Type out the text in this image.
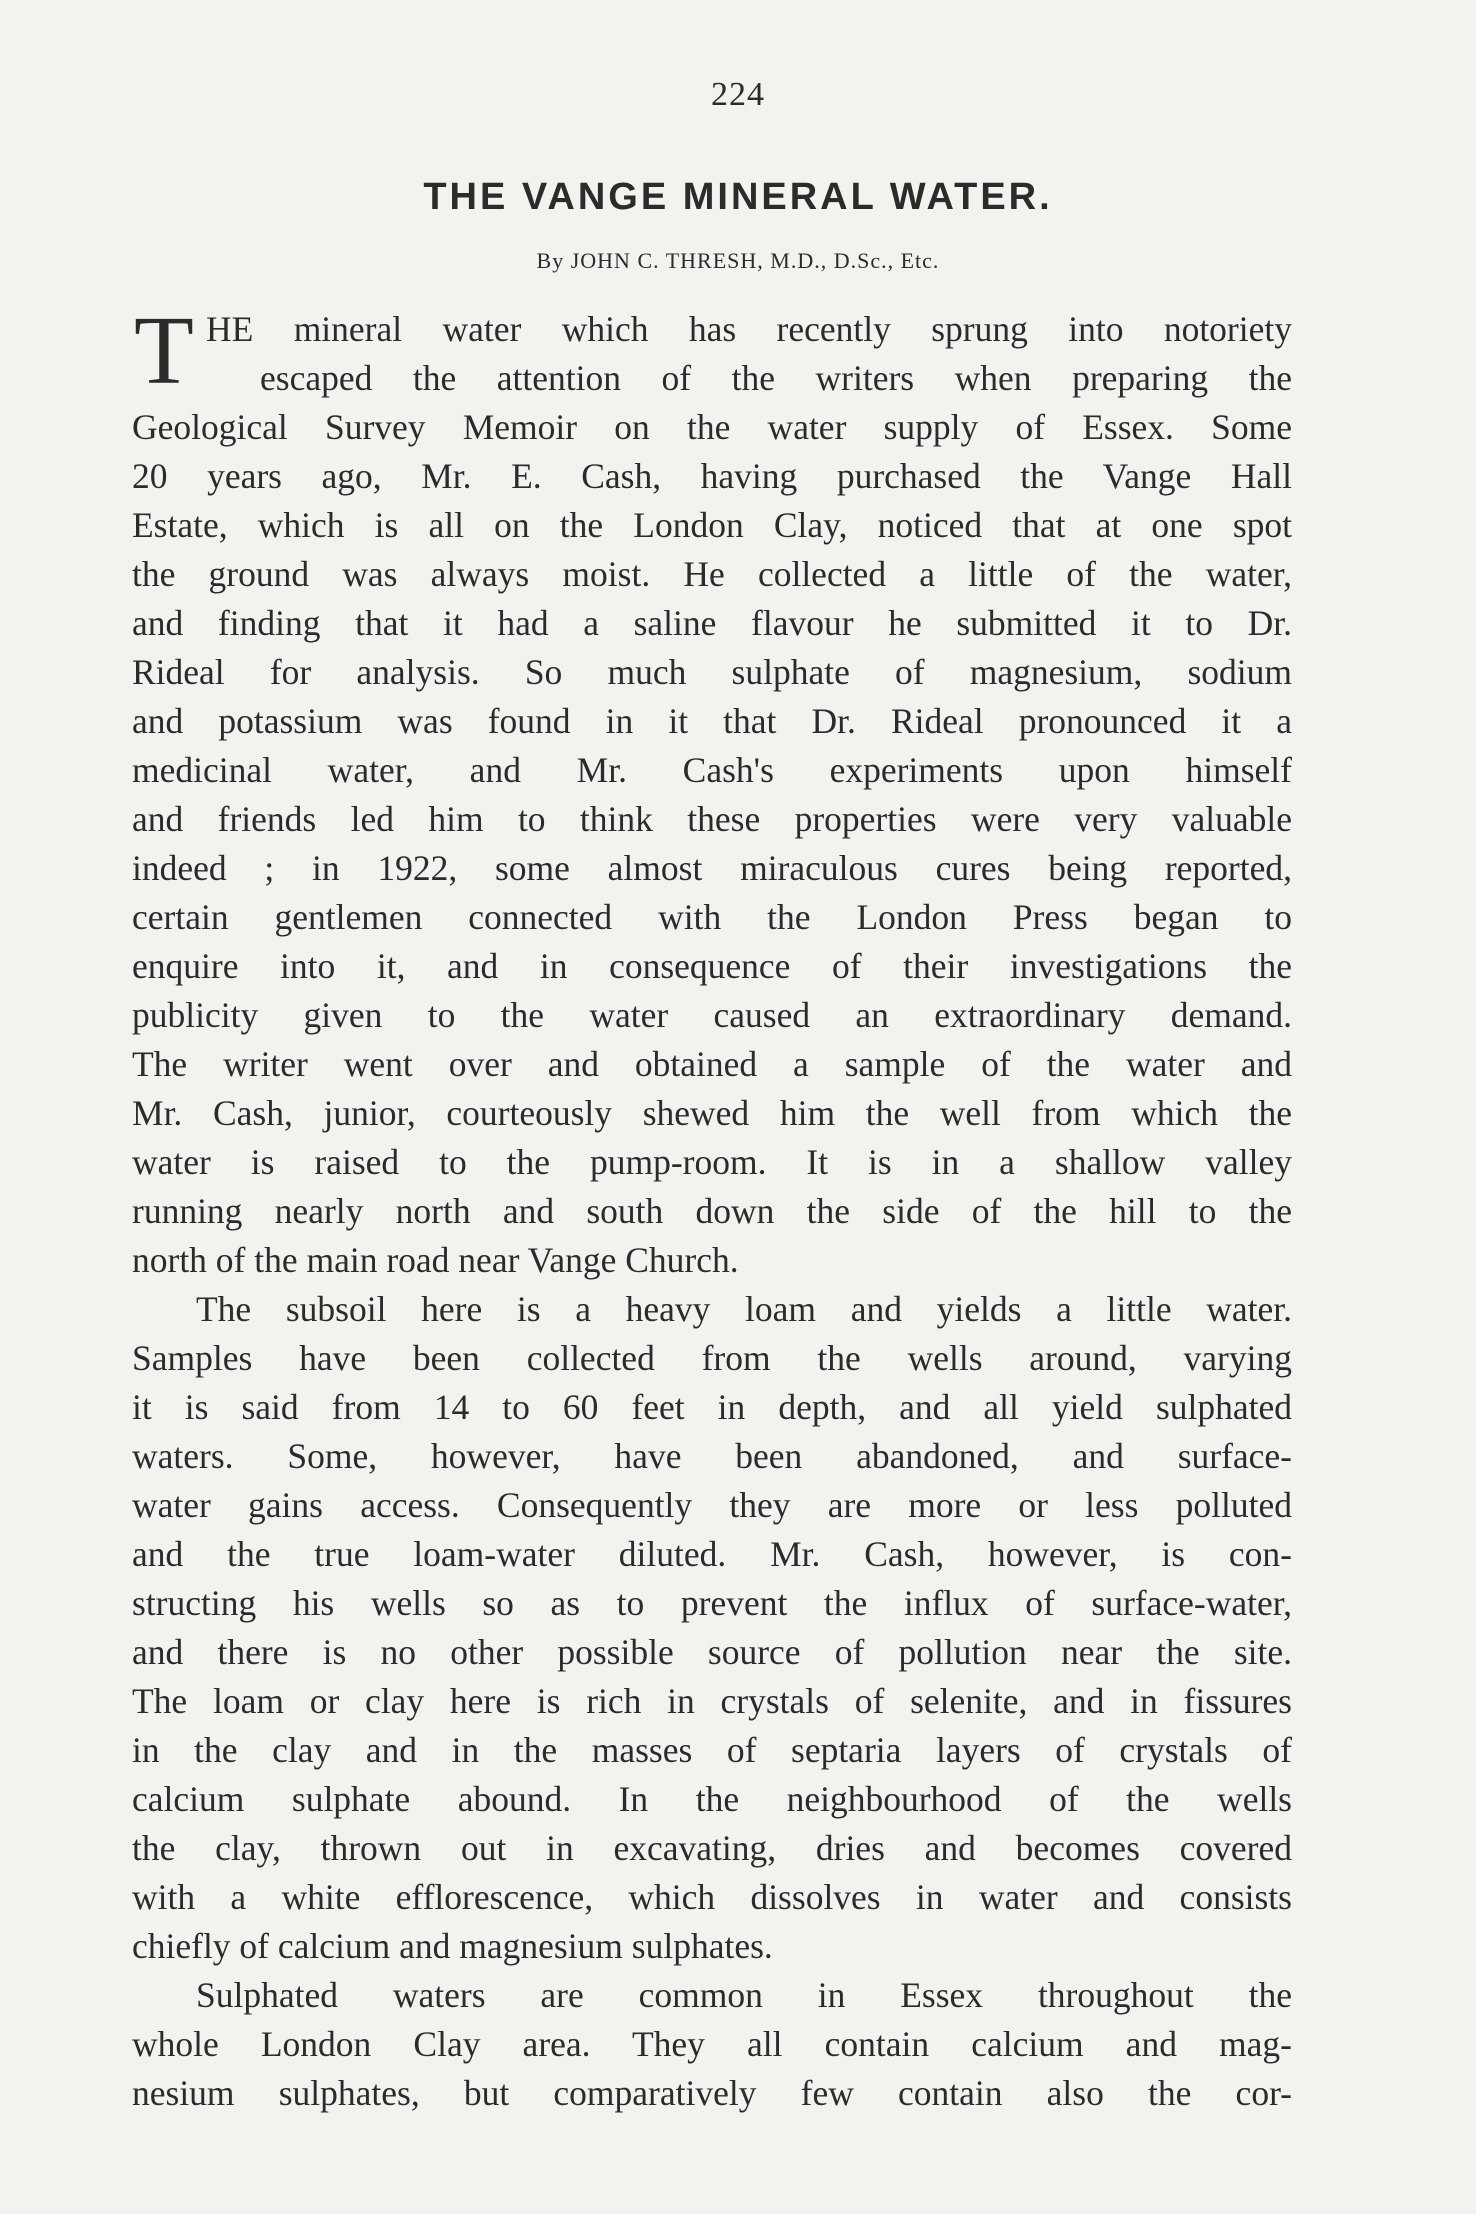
224
THE VANGE MINERAL WATER.
By JOHN C. THRESH, M.D., D.Sc., Etc.
T HE mineral water which has recently sprung into notoriety
escaped the attention of the writers when preparing the
Geological Survey Memoir on the water supply of Essex. Some
20 years ago, Mr. E. Cash, having purchased the Vange Hall
Estate, which is all on the London Clay, noticed that at one spot
the ground was always moist. He collected a little of the water,
and finding that it had a saline flavour he submitted it to Dr.
Rideal for analysis. So much sulphate of magnesium, sodium
and potassium was found in it that Dr. Rideal pronounced it a
medicinal water, and Mr. Cash's experiments upon himself
and friends led him to think these properties were very valuable
indeed ; in 1922, some almost miraculous cures being reported,
certain gentlemen connected with the London Press began to
enquire into it, and in consequence of their investigations the
publicity given to the water caused an extraordinary demand.
The writer went over and obtained a sample of the water and
Mr. Cash, junior, courteously shewed him the well from which the
water is raised to the pump-room. It is in a shallow valley
running nearly north and south down the side of the hill to the
north of the main road near Vange Church.
The subsoil here is a heavy loam and yields a little water.
Samples have been collected from the wells around, varying
it is said from 14 to 60 feet in depth, and all yield sulphated
waters. Some, however, have been abandoned, and surface-
water gains access. Consequently they are more or less polluted
and the true loam-water diluted. Mr. Cash, however, is con-
structing his wells so as to prevent the influx of surface-water,
and there is no other possible source of pollution near the site.
The loam or clay here is rich in crystals of selenite, and in fissures
in the clay and in the masses of septaria layers of crystals of
calcium sulphate abound. In the neighbourhood of the wells
the clay, thrown out in excavating, dries and becomes covered
with a white efflorescence, which dissolves in water and consists
chiefly of calcium and magnesium sulphates.
Sulphated waters are common in Essex throughout the
whole London Clay area. They all contain calcium and mag-
nesium sulphates, but comparatively few contain also the cor-
